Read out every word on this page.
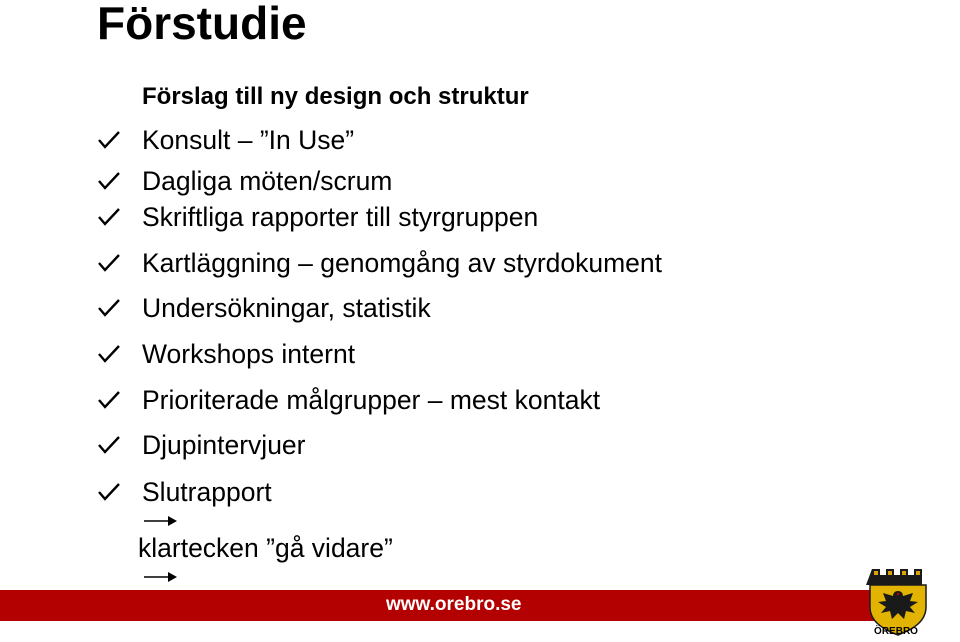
Förstudie
Förslag till ny design och struktur
Konsult – ”In Use”
Dagliga möten/scrum
Skriftliga rapporter till styrgruppen
Kartläggning – genomgång av styrdokument
Undersökningar, statistik
Workshops internt
Prioriterade målgrupper – mest kontakt
Djupintervjuer
Slutrapport
klartecken ”gå vidare”
www.orebro.se
ÖREBRO
